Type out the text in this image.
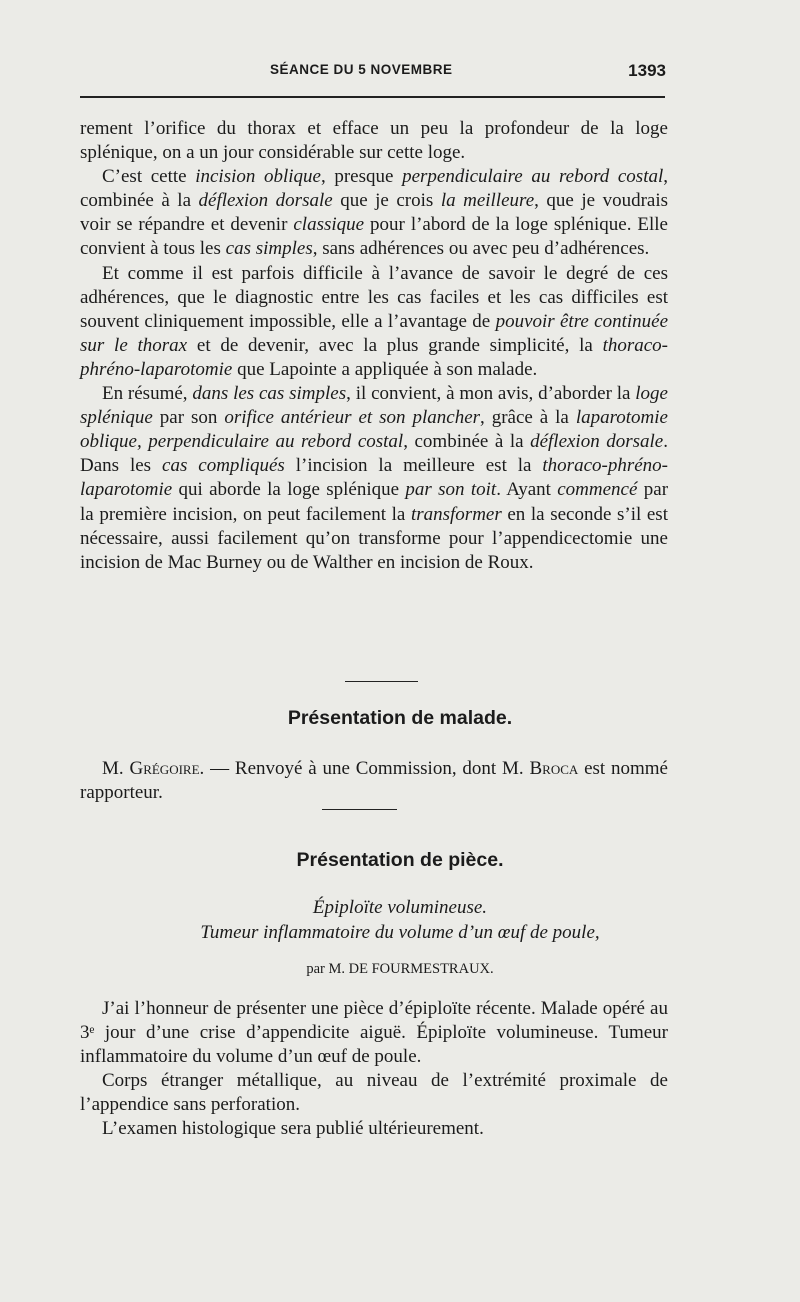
SÉANCE DU 5 NOVEMBRE	1393

rement l’orifice du thorax et efface un peu la profondeur de la loge splénique, on a un jour considérable sur cette loge.

C’est cette incision oblique, presque perpendiculaire au rebord costal, combinée à la déflexion dorsale que je crois la meilleure, que je voudrais voir se répandre et devenir classique pour l’abord de la loge splénique. Elle convient à tous les cas simples, sans adhérences ou avec peu d’adhérences.

Et comme il est parfois difficile à l’avance de savoir le degré de ces adhérences, que le diagnostic entre les cas faciles et les cas difficiles est souvent cliniquement impossible, elle a l’avantage de pouvoir être continuée sur le thorax et de devenir, avec la plus grande simplicité, la thoraco-phréno-laparotomie que Lapointe a appliquée à son malade.

En résumé, dans les cas simples, il convient, à mon avis, d’aborder la loge splénique par son orifice antérieur et son plancher, grâce à la laparotomie oblique, perpendiculaire au rebord costal, combinée à la déflexion dorsale. Dans les cas compliqués l’incision la meilleure est la thoraco-phréno-laparotomie qui aborde la loge splénique par son toit. Ayant commencé par la première incision, on peut facilement la transformer en la seconde s’il est nécessaire, aussi facilement qu’on transforme pour l’appendicectomie une incision de Mac Burney ou de Walther en incision de Roux.

Présentation de malade.

M. Grégoire. — Renvoyé à une Commission, dont M. Broca est nommé rapporteur.

Présentation de pièce.
Épiploïte volumineuse.
Tumeur inflammatoire du volume d’un œuf de poule,
par M. DE FOURMESTRAUX.

J’ai l’honneur de présenter une pièce d’épiploïte récente. Malade opéré au 3ᵉ jour d’une crise d’appendicite aiguë. Épiploïte volumineuse. Tumeur inflammatoire du volume d’un œuf de poule.

Corps étranger métallique, au niveau de l’extrémité proximale de l’appendice sans perforation.

L’examen histologique sera publié ultérieurement.
